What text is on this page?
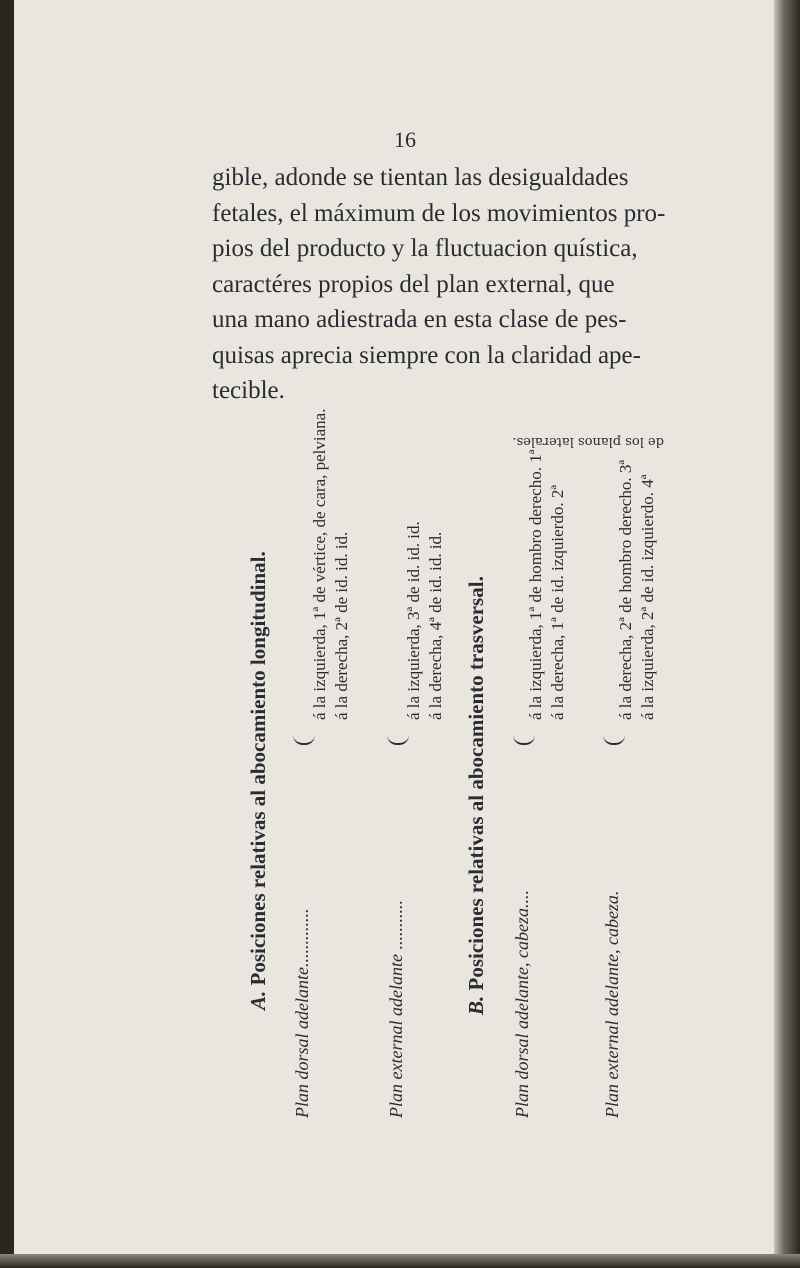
16
gible, adonde se tientan las desigualdades
fetales, el máximum de los movimientos pro-
pios del producto y la fluctuacion quística,
caractéres propios del plan external, que
una mano adiestrada en esta clase de pes-
quisas aprecia siempre con la claridad ape-
tecible.
A. Posiciones relativas al abocamiento longitudinal.
Plan dorsal adelante.............
á la izquierda, 1ª de vértice, de cara, pelviana. á la derecha, 2ª de id. id. id.
Plan external adelante ...........
á la izquierda, 3ª de id. id. id. á la derecha, 4ª de id. id. id.
B. Posiciones relativas al abocamiento trasversal.
Plan dorsal adelante, cabeza....
á la izquierda, 1ª de hombro derecho. 1ª á la derecha, 1ª de id. izquierdo. 2ª
Plan external adelante, cabeza.
á la derecha, 2ª de hombro derecho. 3ª á la izquierda, 2ª de id. izquierdo. 4ª
de los planos laterales.
